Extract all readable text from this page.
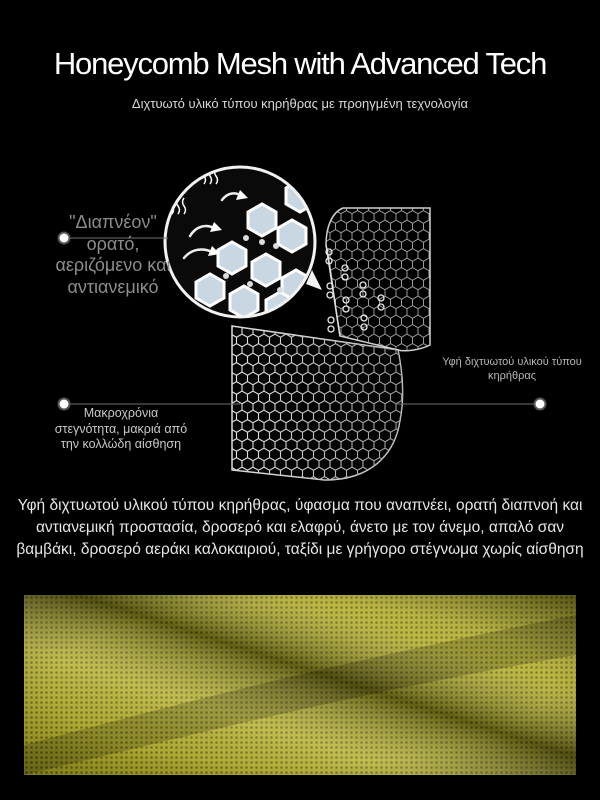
Honeycomb Mesh with Advanced Tech
Διχτυωτό υλικό τύπου κηρήθρας με προηγμένη τεχνολογία
"Διαπνέον" ορατό, αεριζόμενο και αντιανεμικό
Μακροχρόνια στεγνότητα, μακριά από την κολλώδη αίσθηση
Υφή διχτυωτού υλικού τύπου κηρήθρας
Υφή διχτυωτού υλικού τύπου κηρήθρας, ύφασμα που αναπνέει, ορατή διαπνοή και αντιανεμική προστασία, δροσερό και ελαφρύ, άνετο με τον άνεμο, απαλό σαν βαμβάκι, δροσερό αεράκι καλοκαιριού, ταξίδι με γρήγορο στέγνωμα χωρίς αίσθηση
